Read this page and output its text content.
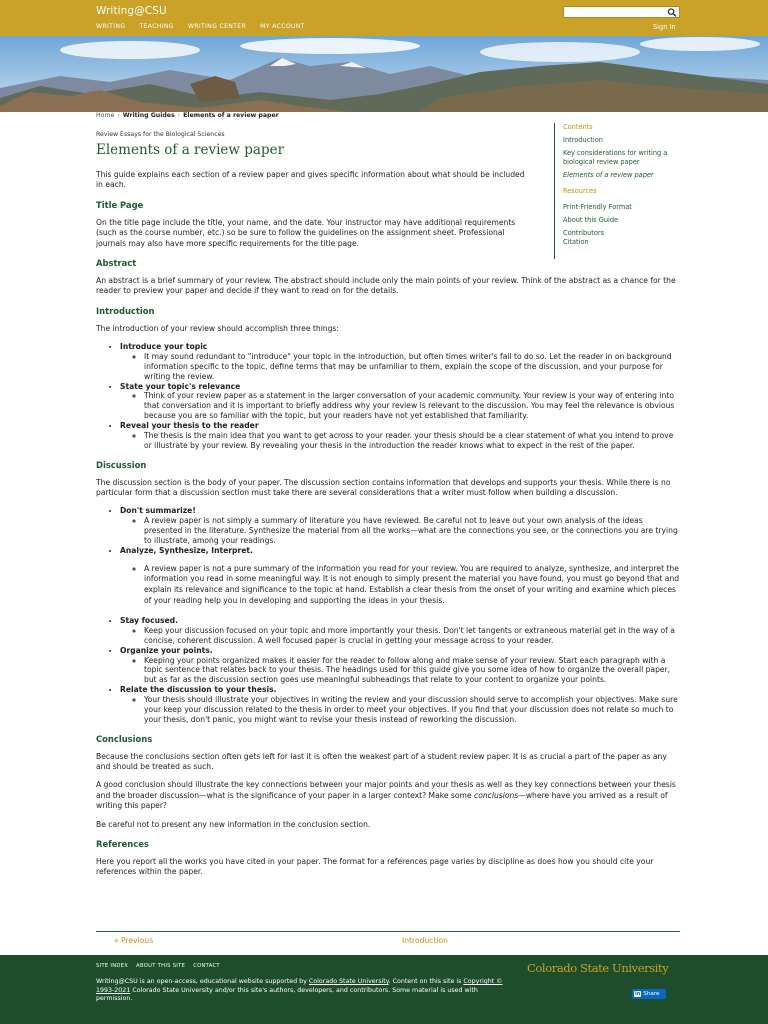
Writing@CSU
WRITING TEACHING WRITING CENTER MY ACCOUNT	Sign In
Home › Writing Guides › Elements of a review paper
Contents
Introduction
Key considerations for writing a biological review paper
Elements of a review paper
Resources
Print-Friendly Format
About this Guide
Contributors
Citation
Review Essays for the Biological Sciences
Elements of a review paper

This guide explains each section of a review paper and gives specific information about what should be included in each.

Title Page

On the title page include the title, your name, and the date. Your instructor may have additional requirements (such as the course number, etc.) so be sure to follow the guidelines on the assignment sheet. Professional journals may also have more specific requirements for the title page.

Abstract

An abstract is a brief summary of your review. The abstract should include only the main points of your review. Think of the abstract as a chance for the reader to preview your paper and decide if they want to read on for the details.

Introduction

The introduction of your review should accomplish three things:

• Introduce your topic
◦ It may sound redundant to "introduce" your topic in the introduction, but often times writer's fail to do so. Let the reader in on background information specific to the topic, define terms that may be unfamiliar to them, explain the scope of the discussion, and your purpose for writing the review.
• State your topic's relevance
◦ Think of your review paper as a statement in the larger conversation of your academic community. Your review is your way of entering into that conversation and it is important to briefly address why your review is relevant to the discussion. You may feel the relevance is obvious because you are so familiar with the topic, but your readers have not yet established that familiarity.
• Reveal your thesis to the reader
◦ The thesis is the main idea that you want to get across to your reader. your thesis should be a clear statement of what you intend to prove or illustrate by your review. By revealing your thesis in the introduction the reader knows what to expect in the rest of the paper.
Discussion

The discussion section is the body of your paper. The discussion section contains information that develops and supports your thesis. While there is no particular form that a discussion section must take there are several considerations that a writer must follow when building a discussion.

• Don't summarize!
◦ A review paper is not simply a summary of literature you have reviewed. Be careful not to leave out your own analysis of the ideas presented in the literature. Synthesize the material from all the works—what are the connections you see, or the connections you are trying to illustrate, among your readings.
• Analyze, Synthesize, Interpret.
◦ A review paper is not a pure summary of the information you read for your review. You are required to analyze, synthesize, and interpret the information you read in some meaningful way. It is not enough to simply present the material you have found, you must go beyond that and explain its relevance and significance to the topic at hand. Establish a clear thesis from the onset of your writing and examine which pieces of your reading help you in developing and supporting the ideas in your thesis.
• Stay focused.
◦ Keep your discussion focused on your topic and more importantly your thesis. Don't let tangents or extraneous material get in the way of a concise, coherent discussion. A well focused paper is crucial in getting your message across to your reader.
• Organize your points.
◦ Keeping your points organized makes it easier for the reader to follow along and make sense of your review. Start each paragraph with a topic sentence that relates back to your thesis. The headings used for this guide give you some idea of how to organize the overall paper, but as far as the discussion section goes use meaningful subheadings that relate to your content to organize your points.
• Relate the discussion to your thesis.
◦ Your thesis should illustrate your objectives in writing the review and your discussion should serve to accomplish your objectives. Make sure your keep your discussion related to the thesis in order to meet your objectives. If you find that your discussion does not relate so much to your thesis, don't panic, you might want to revise your thesis instead of reworking the discussion.
Conclusions

Because the conclusions section often gets left for last it is often the weakest part of a student review paper. It is as crucial a part of the paper as any and should be treated as such.

A good conclusion should illustrate the key connections between your major points and your thesis as well as they key connections between your thesis and the broader discussion—what is the significance of your paper in a larger context? Make some conclusions—where have you arrived as a result of writing this paper?

Be careful not to present any new information in the conclusion section.

References

Here you report all the works you have cited in your paper. The format for a references page varies by discipline as does how you should cite your references within the paper.

« Previous	Introduction
SITE INDEX ABOUT THIS SITE CONTACT
Writing@CSU is an open-access, educational website supported by Colorado State University. Content on this site is Copyright © 1993-2021 Colorado State University and/or this site's authors, developers, and contributors. Some material is used with permission.
Colorado State University
in Share
